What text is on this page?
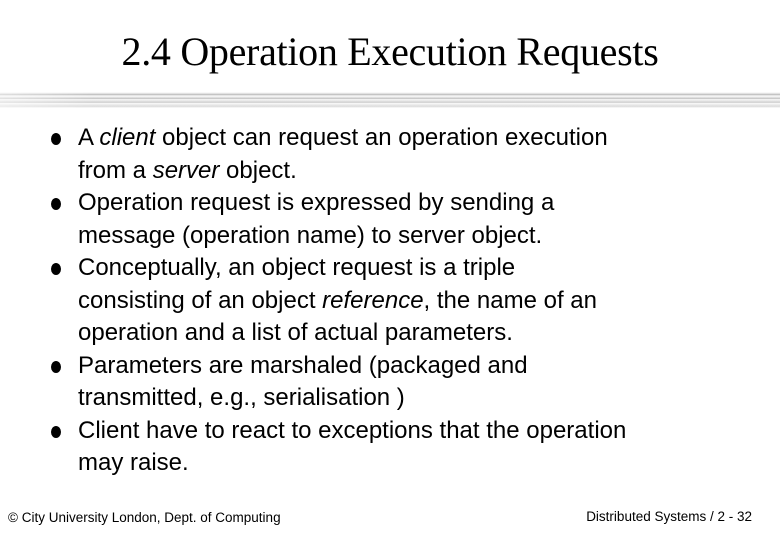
2.4 Operation Execution Requests
A client object can request an operation execution
from a server object.
Operation request is expressed by sending a
message (operation name) to server object.
Conceptually, an object request is a triple
consisting of an object reference, the name of an
operation and a list of actual parameters.
Parameters are marshaled (packaged and
transmitted, e.g., serialisation )
Client have to react to exceptions that the operation
may raise.
© City University London, Dept. of Computing	Distributed Systems / 2 - 32
